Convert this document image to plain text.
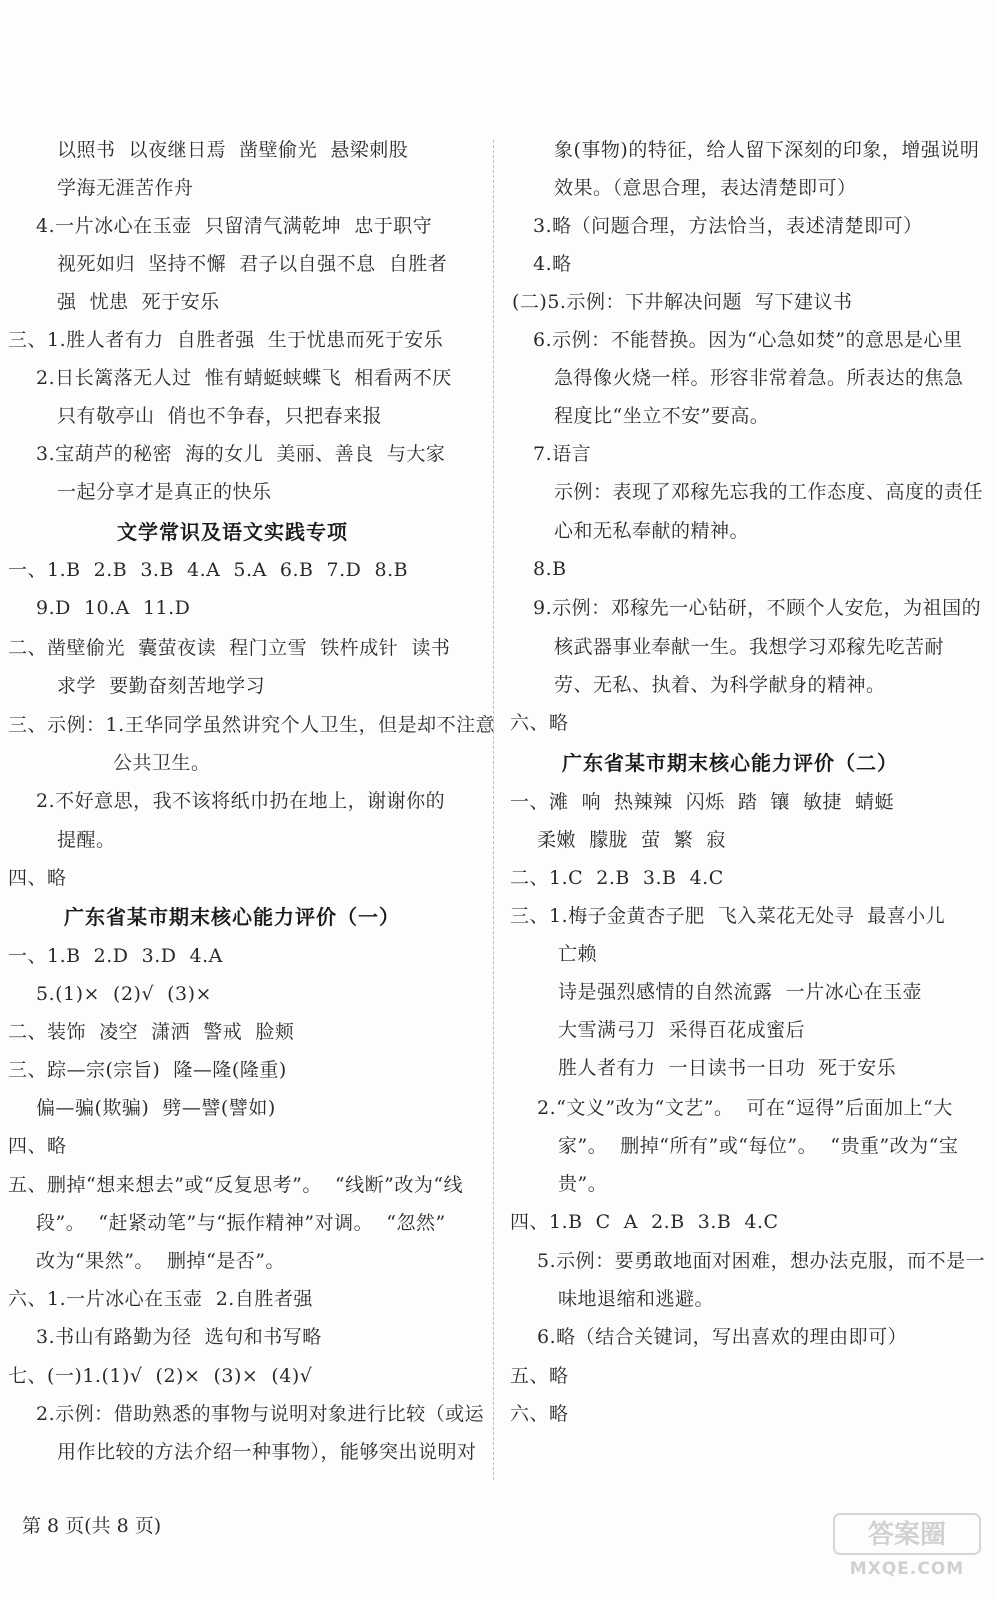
以照书  以夜继日焉  凿壁偷光  悬梁刺股
学海无涯苦作舟
4.一片冰心在玉壶  只留清气满乾坤  忠于职守
视死如归  坚持不懈  君子以自强不息  自胜者
强  忧患  死于安乐
三、1.胜人者有力  自胜者强  生于忧患而死于安乐
2.日长篱落无人过  惟有蜻蜓蛱蝶飞  相看两不厌
只有敬亭山  俏也不争春，只把春来报
3.宝葫芦的秘密  海的女儿  美丽、善良  与大家
一起分享才是真正的快乐
文学常识及语文实践专项
一、1.B  2.B  3.B  4.A  5.A  6.B  7.D  8.B
9.D  10.A  11.D
二、凿壁偷光  囊萤夜读  程门立雪  铁杵成针  读书
求学  要勤奋刻苦地学习
三、示例：1.王华同学虽然讲究个人卫生，但是却不注意
公共卫生。
2.不好意思，我不该将纸巾扔在地上，谢谢你的
提醒。
四、略
广东省某市期末核心能力评价（一）
一、1.B  2.D  3.D  4.A
5.(1)×  (2)√  (3)×
二、装饰  凌空  潇洒  警戒  脸颊
三、踪—宗(宗旨)  隆—隆(隆重)
偏—骗(欺骗)  劈—譬(譬如)
四、略
五、删掉“想来想去”或“反复思考”。  “线断”改为“线
段”。  “赶紧动笔”与“振作精神”对调。  “忽然”
改为“果然”。  删掉“是否”。
六、1.一片冰心在玉壶  2.自胜者强
3.书山有路勤为径  选句和书写略
七、(一)1.(1)√  (2)×  (3)×  (4)√
2.示例：借助熟悉的事物与说明对象进行比较（或运
用作比较的方法介绍一种事物），能够突出说明对
象(事物)的特征，给人留下深刻的印象，增强说明
效果。（意思合理，表达清楚即可）
3.略（问题合理，方法恰当，表述清楚即可）
4.略
(二)5.示例：下井解决问题  写下建议书
6.示例：不能替换。因为“心急如焚”的意思是心里
急得像火烧一样。形容非常着急。所表达的焦急
程度比“坐立不安”要高。
7.语言
示例：表现了邓稼先忘我的工作态度、高度的责任
心和无私奉献的精神。
8.B
9.示例：邓稼先一心钻研，不顾个人安危，为祖国的
核武器事业奉献一生。我想学习邓稼先吃苦耐
劳、无私、执着、为科学献身的精神。
六、略
广东省某市期末核心能力评价（二）
一、滩  响  热辣辣  闪烁  踏  镶  敏捷  蜻蜓
柔嫩  朦胧  萤  繁  寂
二、1.C  2.B  3.B  4.C
三、1.梅子金黄杏子肥  飞入菜花无处寻  最喜小儿
亡赖
诗是强烈感情的自然流露  一片冰心在玉壶
大雪满弓刀  采得百花成蜜后
胜人者有力  一日读书一日功  死于安乐
2.“文义”改为“文艺”。  可在“逗得”后面加上“大
家”。  删掉“所有”或“每位”。  “贵重”改为“宝
贵”。
四、1.B  C  A  2.B  3.B  4.C
5.示例：要勇敢地面对困难，想办法克服，而不是一
味地退缩和逃避。
6.略（结合关键词，写出喜欢的理由即可）
五、略
六、略
第 8 页(共 8 页)	答案圈
MXQE.COM
